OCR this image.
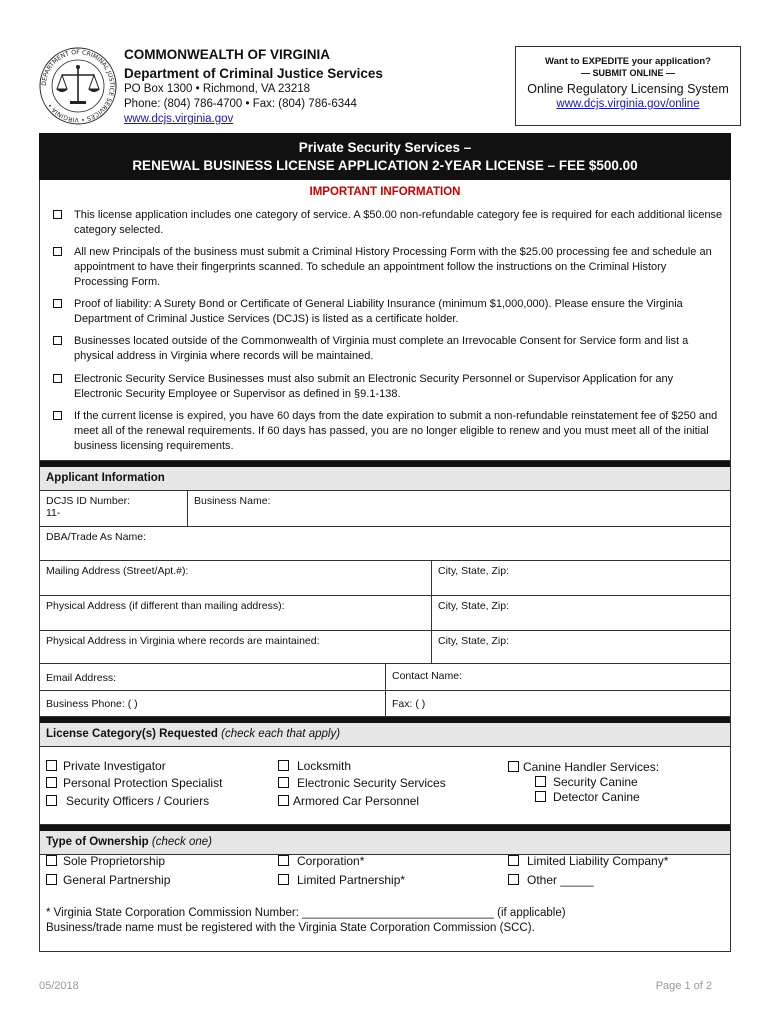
DEPARTMENT OF CRIMINAL JUSTICE SERVICES • VIRGINIA •
COMMONWEALTH OF VIRGINIA
Department of Criminal Justice Services
PO Box 1300 • Richmond, VA 23218
Phone: (804) 786-4700 • Fax: (804) 786-6344
www.dcjs.virginia.gov
Want to EXPEDITE your application?
— SUBMIT ONLINE —
Online Regulatory Licensing System
www.dcjs.virginia.gov/online
Private Security Services –
RENEWAL BUSINESS LICENSE APPLICATION 2-YEAR LICENSE – FEE $500.00
IMPORTANT INFORMATION
This license application includes one category of service. A $50.00 non-refundable category fee is required for each additional license category selected.
All new Principals of the business must submit a Criminal History Processing Form with the $25.00 processing fee and schedule an appointment to have their fingerprints scanned. To schedule an appointment follow the instructions on the Criminal History Processing Form.
Proof of liability: A Surety Bond or Certificate of General Liability Insurance (minimum $1,000,000). Please ensure the Virginia Department of Criminal Justice Services (DCJS) is listed as a certificate holder.
Businesses located outside of the Commonwealth of Virginia must complete an Irrevocable Consent for Service form and list a physical address in Virginia where records will be maintained.
Electronic Security Service Businesses must also submit an Electronic Security Personnel or Supervisor Application for any Electronic Security Employee or Supervisor as defined in §9.1-138.
If the current license is expired, you have 60 days from the date expiration to submit a non-refundable reinstatement fee of $250 and meet all of the renewal requirements. If 60 days has passed, you are no longer eligible to renew and you must meet all of the initial business licensing requirements.
Applicant Information
DCJS ID Number:
11-
Business Name:
DBA/Trade As Name:
Mailing Address (Street/Apt.#):	City, State, Zip:
Physical Address (if different than mailing address):	City, State, Zip:
Physical Address in Virginia where records are maintained:	City, State, Zip:
Email Address:	Contact Name:
Business Phone: ( )	Fax: ( )
License Category(s) Requested (check each that apply)
Private Investigator
Personal Protection Specialist
Security Officers / Couriers
Locksmith
Electronic Security Services
Armored Car Personnel
Canine Handler Services:
Security Canine
Detector Canine
Type of Ownership (check one)
Sole Proprietorship
General Partnership
Corporation*
Limited Partnership*
Limited Liability Company*
Other _____
* Virginia State Corporation Commission Number: ______________________________ (if applicable)
Business/trade name must be registered with the Virginia State Corporation Commission (SCC).
05/2018	Page 1 of 2
